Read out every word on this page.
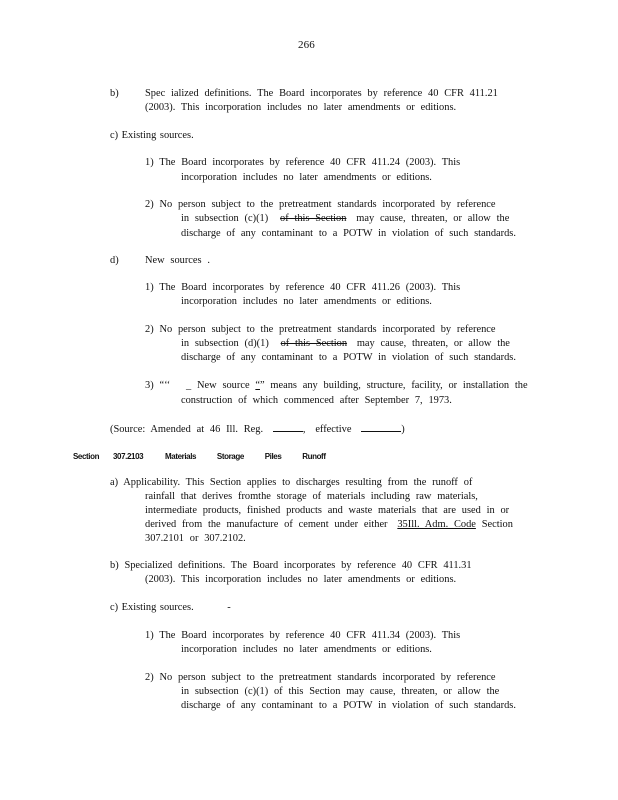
266
b)	Spec ialized definitions. The Board incorporates by reference 40 CFR 411.21
(2003). This incorporation includes no later amendments or editions.
c) Existing sources.
1) The Board incorporates by reference 40 CFR 411.24 (2003). This
incorporation includes no later amendments or editions.
2) No person subject to the pretreatment standards incorporated by reference
in subsection (c)(1) of this Section may cause, threaten, or allow the
discharge of any contaminant to a POTW in violation of such standards.
d)	New sources .
1) The Board incorporates by reference 40 CFR 411.26 (2003). This
incorporation includes no later amendments or editions.
2) No person subject to the pretreatment standards incorporated by reference
in subsection (d)(1) of this Section may cause, threaten, or allow the
discharge of any contaminant to a POTW in violation of such standards.
3) “‘‘ _ New source “” means any building, structure, facility, or installation the
construction of which commenced after September 7, 1973.
(Source: Amended at 46 Ill. Reg.	, effective	)
Section 307.2103	Materials Storage Piles Runoff
a) Applicability. This Section applies to discharges resulting from the runoff of
rainfall that derives fromthe storage of materials including raw materials,
intermediate products, finished products and waste materials that are used in or
derived from the manufacture of cement under either 35Ill. Adm. Code Section
307.2101 or 307.2102.
b) Specialized definitions. The Board incorporates by reference 40 CFR 411.31
(2003). This incorporation includes no later amendments or editions.
c) Existing sources.	-
1) The Board incorporates by reference 40 CFR 411.34 (2003). This
incorporation includes no later amendments or editions.
2) No person subject to the pretreatment standards incorporated by reference
in subsection (c)(1) of this Section may cause, threaten, or allow the
discharge of any contaminant to a POTW in violation of such standards.
